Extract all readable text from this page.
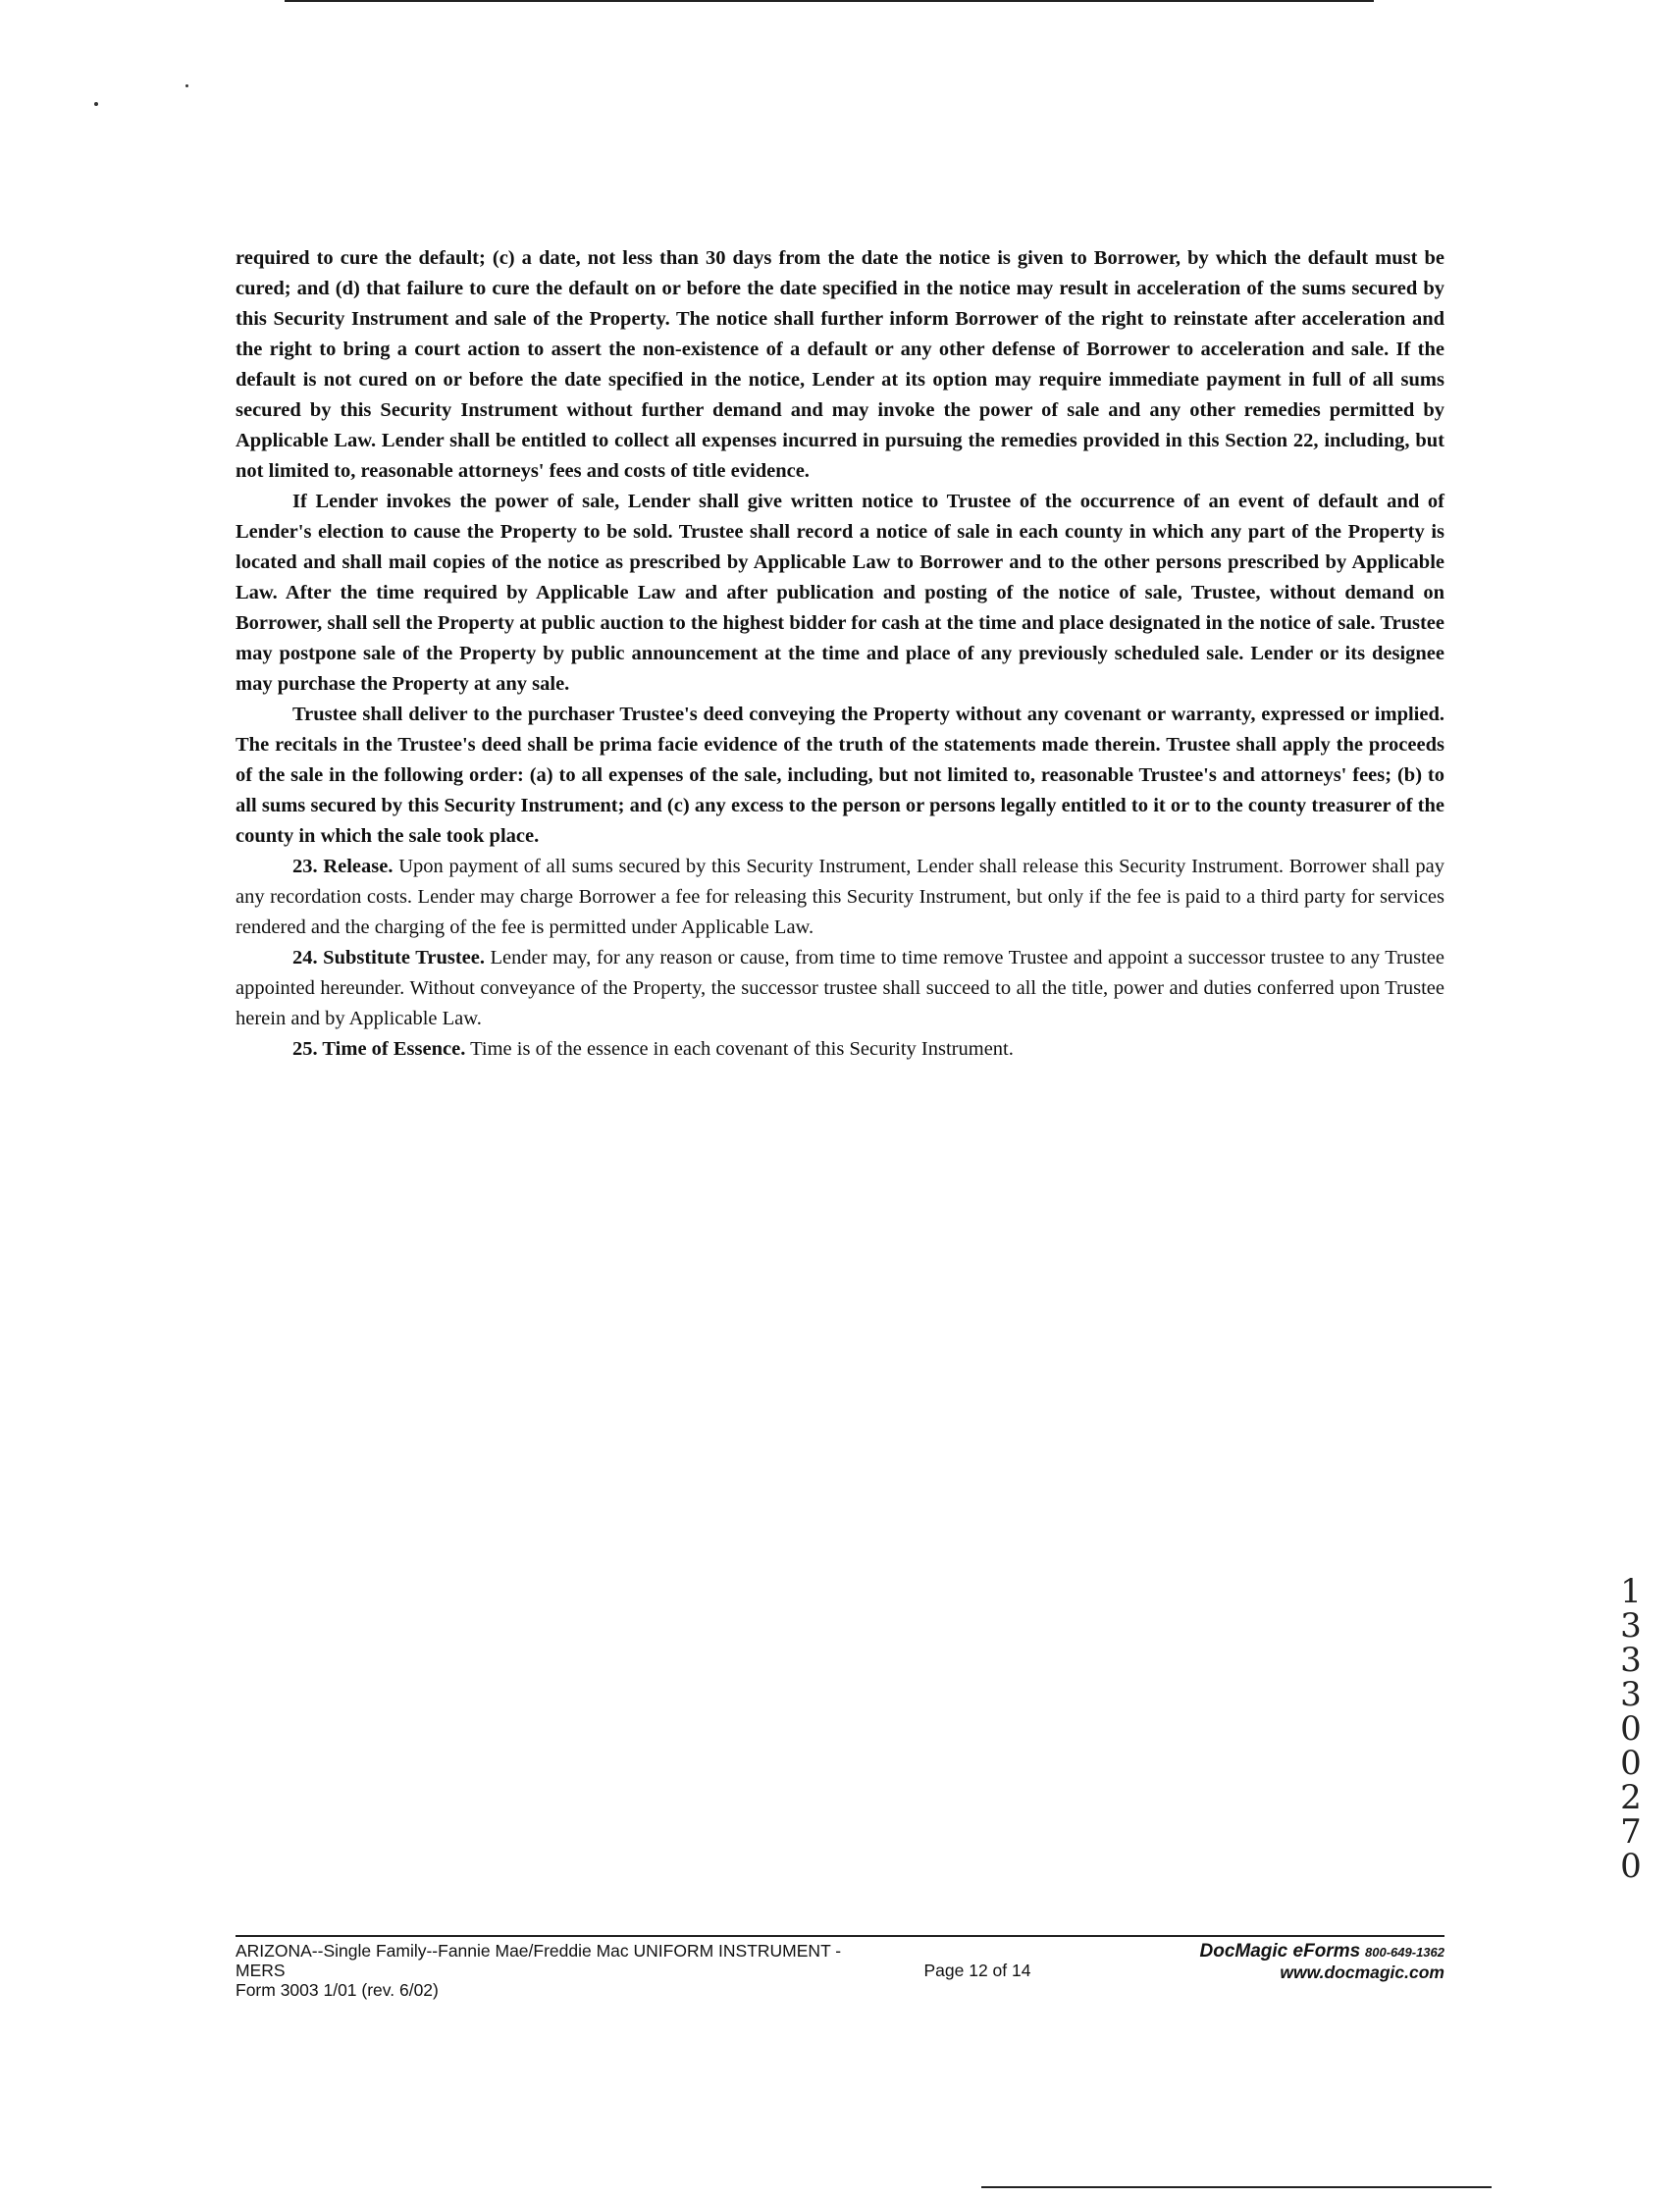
required to cure the default; (c) a date, not less than 30 days from the date the notice is given to Borrower, by which the default must be cured; and (d) that failure to cure the default on or before the date specified in the notice may result in acceleration of the sums secured by this Security Instrument and sale of the Property. The notice shall further inform Borrower of the right to reinstate after acceleration and the right to bring a court action to assert the non-existence of a default or any other defense of Borrower to acceleration and sale. If the default is not cured on or before the date specified in the notice, Lender at its option may require immediate payment in full of all sums secured by this Security Instrument without further demand and may invoke the power of sale and any other remedies permitted by Applicable Law. Lender shall be entitled to collect all expenses incurred in pursuing the remedies provided in this Section 22, including, but not limited to, reasonable attorneys' fees and costs of title evidence.

If Lender invokes the power of sale, Lender shall give written notice to Trustee of the occurrence of an event of default and of Lender's election to cause the Property to be sold. Trustee shall record a notice of sale in each county in which any part of the Property is located and shall mail copies of the notice as prescribed by Applicable Law to Borrower and to the other persons prescribed by Applicable Law. After the time required by Applicable Law and after publication and posting of the notice of sale, Trustee, without demand on Borrower, shall sell the Property at public auction to the highest bidder for cash at the time and place designated in the notice of sale. Trustee may postpone sale of the Property by public announcement at the time and place of any previously scheduled sale. Lender or its designee may purchase the Property at any sale.

Trustee shall deliver to the purchaser Trustee's deed conveying the Property without any covenant or warranty, expressed or implied. The recitals in the Trustee's deed shall be prima facie evidence of the truth of the statements made therein. Trustee shall apply the proceeds of the sale in the following order: (a) to all expenses of the sale, including, but not limited to, reasonable Trustee's and attorneys' fees; (b) to all sums secured by this Security Instrument; and (c) any excess to the person or persons legally entitled to it or to the county treasurer of the county in which the sale took place.

23. Release. Upon payment of all sums secured by this Security Instrument, Lender shall release this Security Instrument. Borrower shall pay any recordation costs. Lender may charge Borrower a fee for releasing this Security Instrument, but only if the fee is paid to a third party for services rendered and the charging of the fee is permitted under Applicable Law.

24. Substitute Trustee. Lender may, for any reason or cause, from time to time remove Trustee and appoint a successor trustee to any Trustee appointed hereunder. Without conveyance of the Property, the successor trustee shall succeed to all the title, power and duties conferred upon Trustee herein and by Applicable Law.

25. Time of Essence. Time is of the essence in each covenant of this Security Instrument.

13330 0270
ARIZONA--Single Family--Fannie Mae/Freddie Mac UNIFORM INSTRUMENT - MERS
Form 3003 1/01 (rev. 6/02)
Page 12 of 14
DocMagic eForms 800-649-1362
www.docmagic.com
